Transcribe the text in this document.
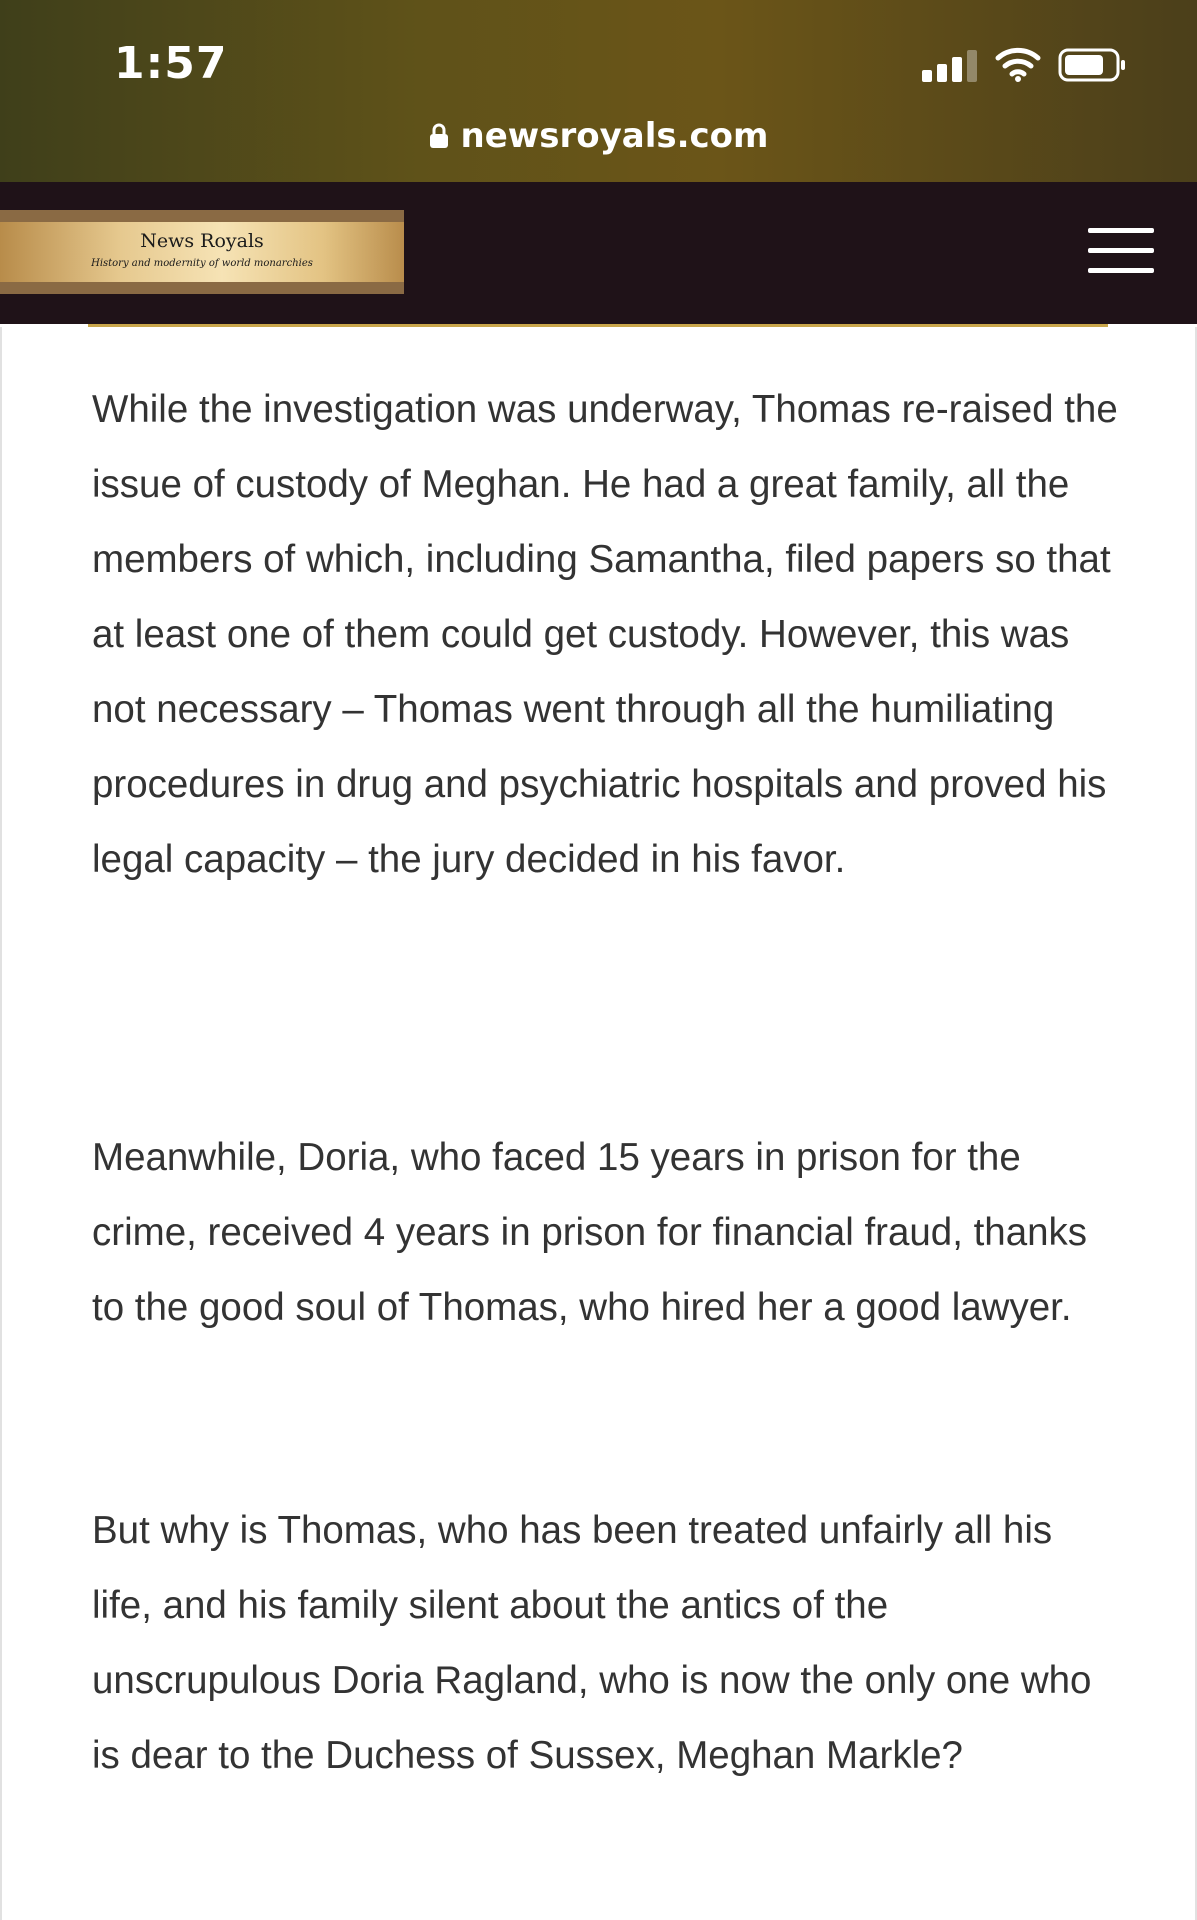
1:57
newsroyals.com
News Royals
History and modernity of world monarchies

While the investigation was underway, Thomas re-raised the issue of custody of Meghan. He had a great family, all the members of which, including Samantha, filed papers so that at least one of them could get custody. However, this was not necessary – Thomas went through all the humiliating procedures in drug and psychiatric hospitals and proved his legal capacity – the jury decided in his favor.

Meanwhile, Doria, who faced 15 years in prison for the crime, received 4 years in prison for financial fraud, thanks to the good soul of Thomas, who hired her a good lawyer.

But why is Thomas, who has been treated unfairly all his life, and his family silent about the antics of the unscrupulous Doria Ragland, who is now the only one who is dear to the Duchess of Sussex, Meghan Markle?
